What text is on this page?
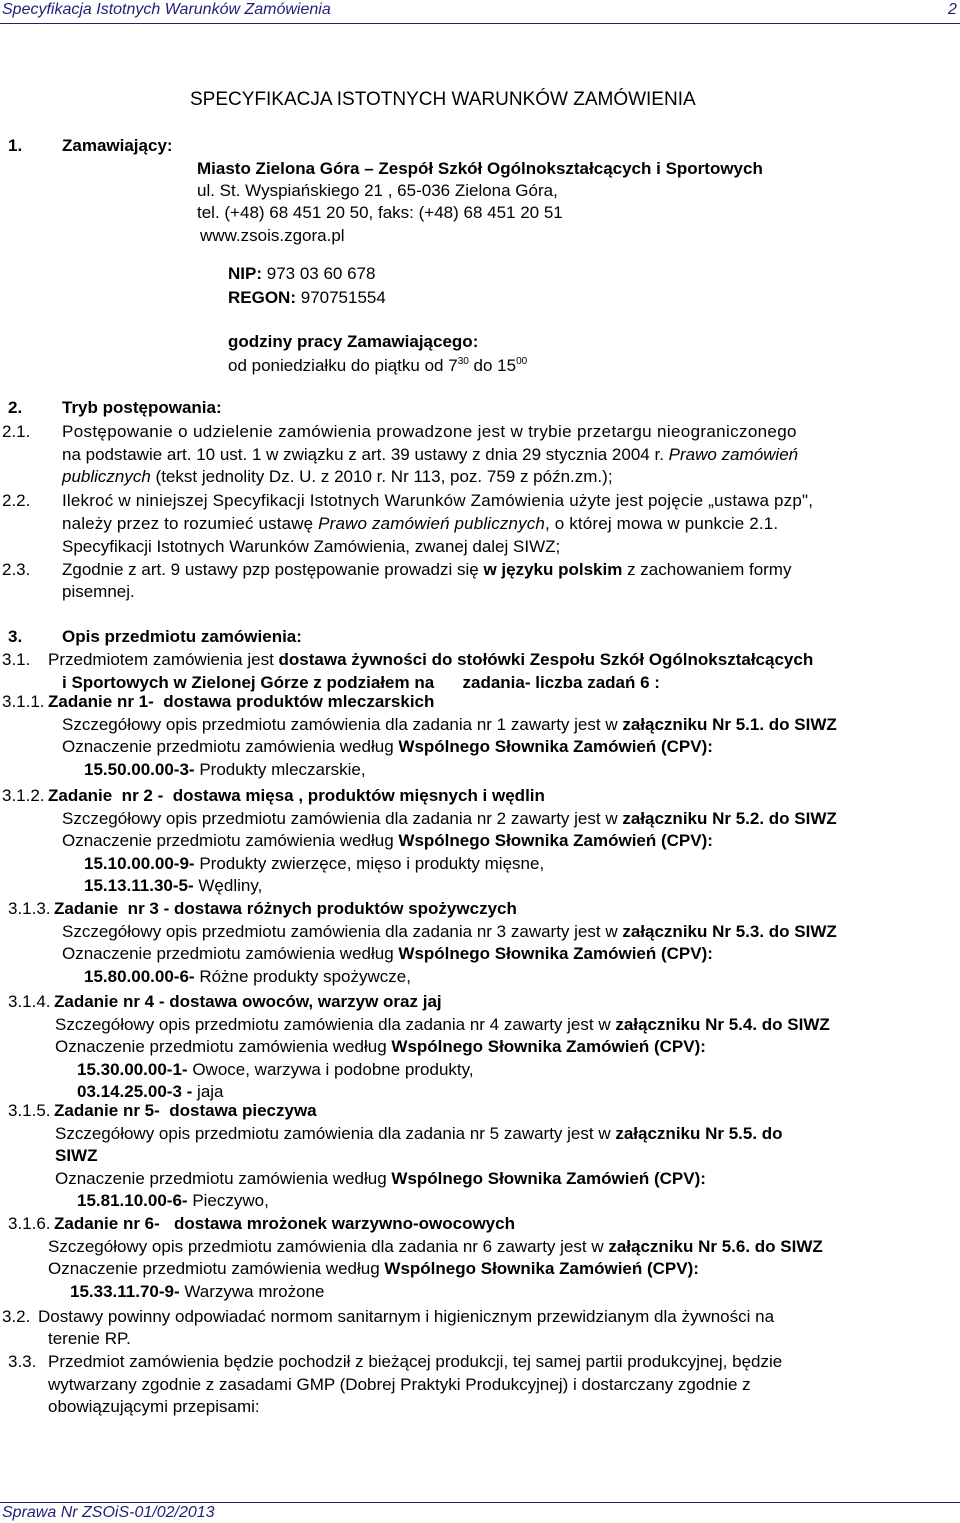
Specyfikacja Istotnych Warunków Zamówienia	2
SPECYFIKACJA ISTOTNYCH WARUNKÓW ZAMÓWIENIA
1. Zamawiający:
Miasto Zielona Góra – Zespół Szkół Ogólnokształcących i Sportowych
ul. St. Wyspiańskiego 21 , 65-036 Zielona Góra,
tel. (+48) 68 451 20 50, faks: (+48) 68 451 20 51
www.zsois.zgora.pl
NIP: 973 03 60 678
REGON: 970751554
godziny pracy Zamawiającego:
od poniedziałku do piątku od $7^{30}$ do $15^{00}$
2. Tryb postępowania:
2.1. Postępowanie o udzielenie zamówienia prowadzone jest w trybie przetargu nieograniczonego
na podstawie art. 10 ust. 1 w związku z art. 39 ustawy z dnia 29 stycznia 2004 r. Prawo zamówień
publicznych (tekst jednolity Dz. U. z 2010 r. Nr 113, poz. 759 z późn.zm.);
2.2. Ilekroć w niniejszej Specyfikacji Istotnych Warunków Zamówienia użyte jest pojęcie „ustawa pzp",
należy przez to rozumieć ustawę Prawo zamówień publicznych, o której mowa w punkcie 2.1.
Specyfikacji Istotnych Warunków Zamówienia, zwanej dalej SIWZ;
2.3. Zgodnie z art. 9 ustawy pzp postępowanie prowadzi się w języku polskim z zachowaniem formy
pisemnej.
3. Opis przedmiotu zamówienia:
3.1. Przedmiotem zamówienia jest dostawa żywności do stołówki Zespołu Szkół Ogólnokształcących
i Sportowych w Zielonej Górze z podziałem na      zadania- liczba zadań 6 :
3.1.1. Zadanie nr 1-  dostawa produktów mleczarskich
Szczegółowy opis przedmiotu zamówienia dla zadania nr 1 zawarty jest w załączniku Nr 5.1. do SIWZ
Oznaczenie przedmiotu zamówienia według Wspólnego Słownika Zamówień (CPV):
15.50.00.00-3- Produkty mleczarskie,
3.1.2. Zadanie  nr 2 -  dostawa mięsa , produktów mięsnych i wędlin
Szczegółowy opis przedmiotu zamówienia dla zadania nr 2 zawarty jest w załączniku Nr 5.2. do SIWZ
Oznaczenie przedmiotu zamówienia według Wspólnego Słownika Zamówień (CPV):
15.10.00.00-9- Produkty zwierzęce, mięso i produkty mięsne,
15.13.11.30-5- Wędliny,
3.1.3. Zadanie  nr 3 - dostawa różnych produktów spożywczych
Szczegółowy opis przedmiotu zamówienia dla zadania nr 3 zawarty jest w załączniku Nr 5.3. do SIWZ
Oznaczenie przedmiotu zamówienia według Wspólnego Słownika Zamówień (CPV):
15.80.00.00-6- Różne produkty spożywcze,
3.1.4. Zadanie nr 4 - dostawa owoców, warzyw oraz jaj
Szczegółowy opis przedmiotu zamówienia dla zadania nr 4 zawarty jest w załączniku Nr 5.4. do SIWZ
Oznaczenie przedmiotu zamówienia według Wspólnego Słownika Zamówień (CPV):
15.30.00.00-1- Owoce, warzywa i podobne produkty,
03.14.25.00-3 - jaja
3.1.5. Zadanie nr 5-  dostawa pieczywa
Szczegółowy opis przedmiotu zamówienia dla zadania nr 5 zawarty jest w załączniku Nr 5.5. do
SIWZ
Oznaczenie przedmiotu zamówienia według Wspólnego Słownika Zamówień (CPV):
15.81.10.00-6- Pieczywo,
3.1.6. Zadanie nr 6-   dostawa mrożonek warzywno-owocowych
Szczegółowy opis przedmiotu zamówienia dla zadania nr 6 zawarty jest w załączniku Nr 5.6. do SIWZ
Oznaczenie przedmiotu zamówienia według Wspólnego Słownika Zamówień (CPV):
15.33.11.70-9- Warzywa mrożone
3.2. Dostawy powinny odpowiadać normom sanitarnym i higienicznym przewidzianym dla żywności na
terenie RP.
3.3. Przedmiot zamówienia będzie pochodził z bieżącej produkcji, tej samej partii produkcyjnej, będzie
wytwarzany zgodnie z zasadami GMP (Dobrej Praktyki Produkcyjnej) i dostarczany zgodnie z
obowiązującymi przepisami:
Sprawa Nr ZSOiS-01/02/2013
